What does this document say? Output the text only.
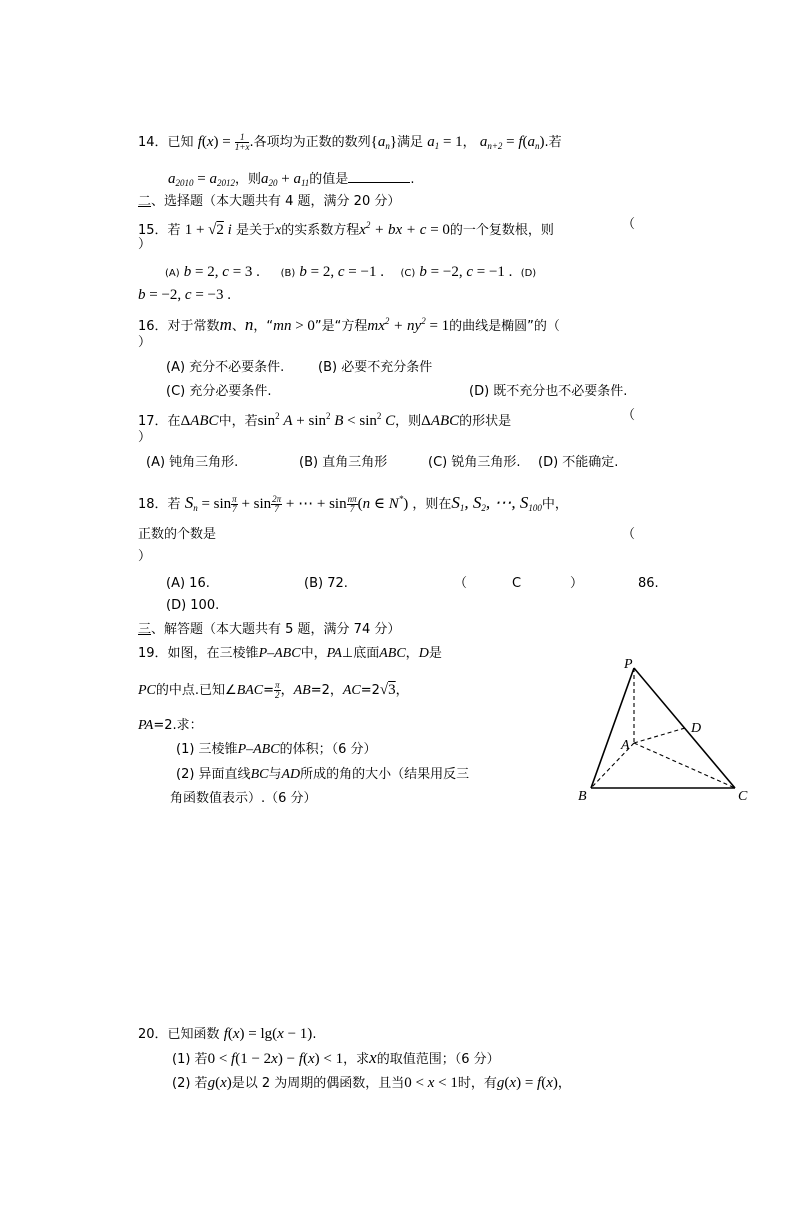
14．已知 $f(x) = \frac{1}{1+x}$ .各项均为正数的数列$\{a_n\}$满足 $a_1 = 1$， $a_{n+2} = f(a_n)$.若
$a_{2010} = a_{2012}$，则$a_{20} + a_{11}$的值是	.
二、选择题（本大题共有 4 题，满分 20 分）
15．若 1 + √2 i 是关于x的实系数方程$x^2$ + bx + c = 0的一个复数根，则	（
）
(A) b = 2, c = 3 . (B) b = 2, c = −1 . (C) b = −2, c = −1 . (D)
b = −2, c = −3 .
16．对于常数m、n，“mn > 0”是“方程$mx^2 + ny^2 = 1$的曲线是椭圆”的（
）
(A) 充分不必要条件.	(B) 必要不充分条件
(C) 充分必要条件.	(D) 既不充分也不必要条件.
17．在ΔABC中，若$\sin^2 A + \sin^2 B < \sin^2 C$，则ΔABC的形状是	（
）
(A) 钝角三角形.	(B) 直角三角形	(C) 锐角三角形. (D) 不能确定.
18．若 $S_n = \sin \frac{\pi}{7} + \sin \frac{2\pi}{7}$ + ⋯ + $\sin \frac{n\pi}{7} (n$ ∈ N*) ，则在$S_1$, $S_2$, ⋯, $S_{100}$中，
正数的个数是	（
）
(A) 16.	(B) 72.	（	C	）	86.
(D) 100.
三、解答题（本大题共有 5 题，满分 74 分）
19．如图，在三棱锥P–ABC中，PA⊥底面ABC，D是
PC的中点.已知∠BAC= $\frac{\pi}{2}$ ，AB=2，AC=2√3，
PA=2.求：
(1) 三棱锥P–ABC的体积；（6 分）
(2) 异面直线BC与AD所成的角的大小（结果用反三
角函数值表示）.（6 分）
P
A
B	C
D
20．已知函数 f(x) = lg(x − 1).
(1) 若0 < f(1 − 2x) − f(x) < 1，求x的取值范围；（6 分）
(2) 若g(x)是以 2 为周期的偶函数，且当0 < x < 1时，有g(x) = f(x)，
